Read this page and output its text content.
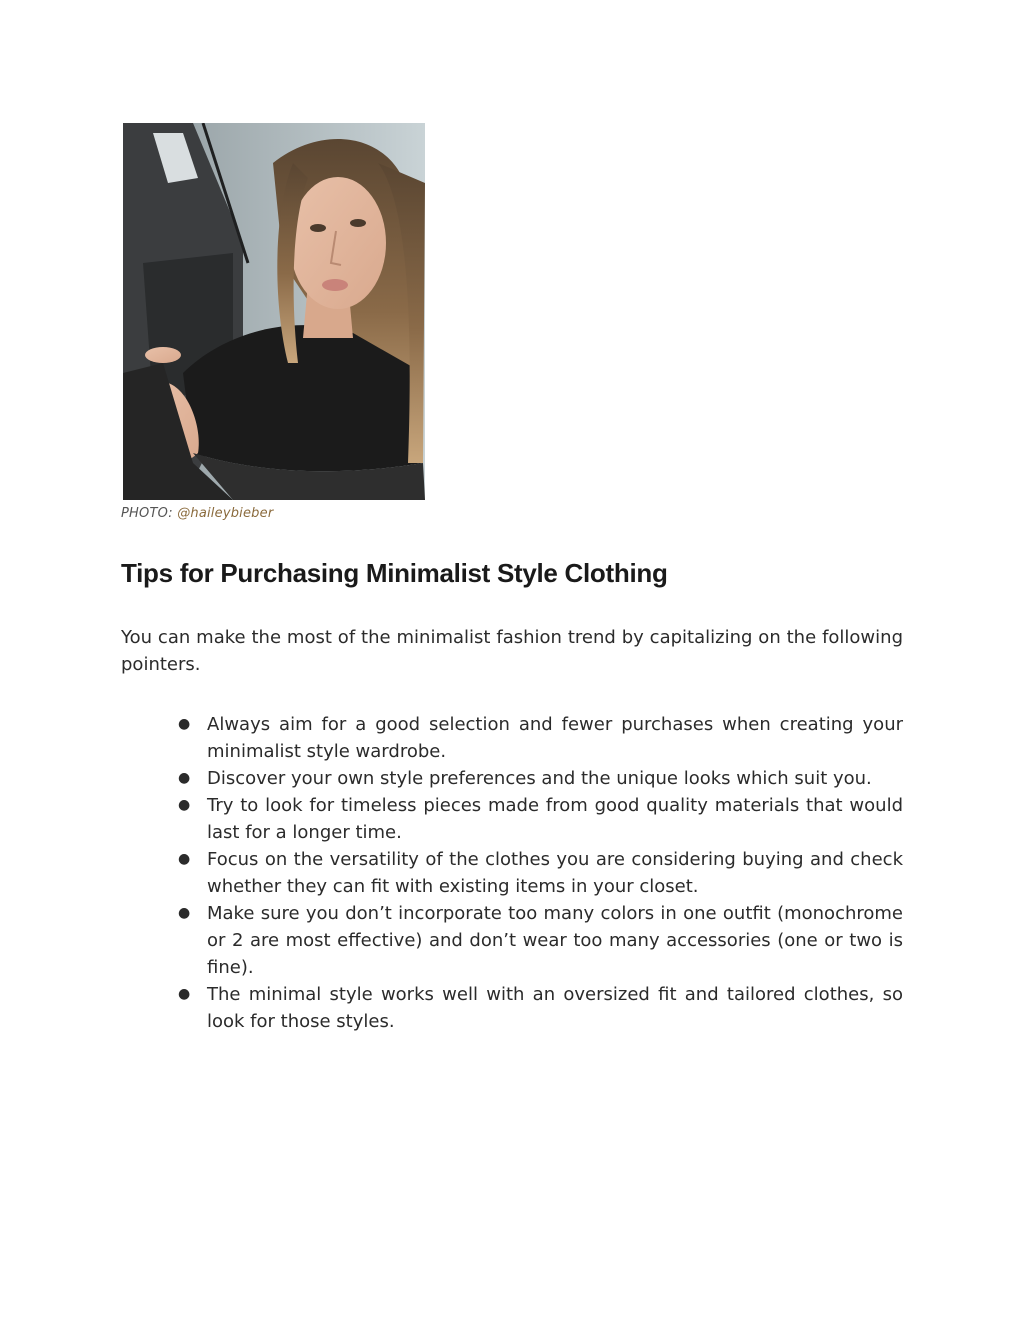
PHOTO: @haileybieber
Tips for Purchasing Minimalist Style Clothing

You can make the most of the minimalist fashion trend by capitalizing on the following pointers.

● Always aim for a good selection and fewer purchases when creating your minimalist style wardrobe.
● Discover your own style preferences and the unique looks which suit you.
● Try to look for timeless pieces made from good quality materials that would last for a longer time.
● Focus on the versatility of the clothes you are considering buying and check whether they can fit with existing items in your closet.
● Make sure you don’t incorporate too many colors in one outfit (monochrome or 2 are most effective) and don’t wear too many accessories (one or two is fine).
● The minimal style works well with an oversized fit and tailored clothes, so look for those styles.
